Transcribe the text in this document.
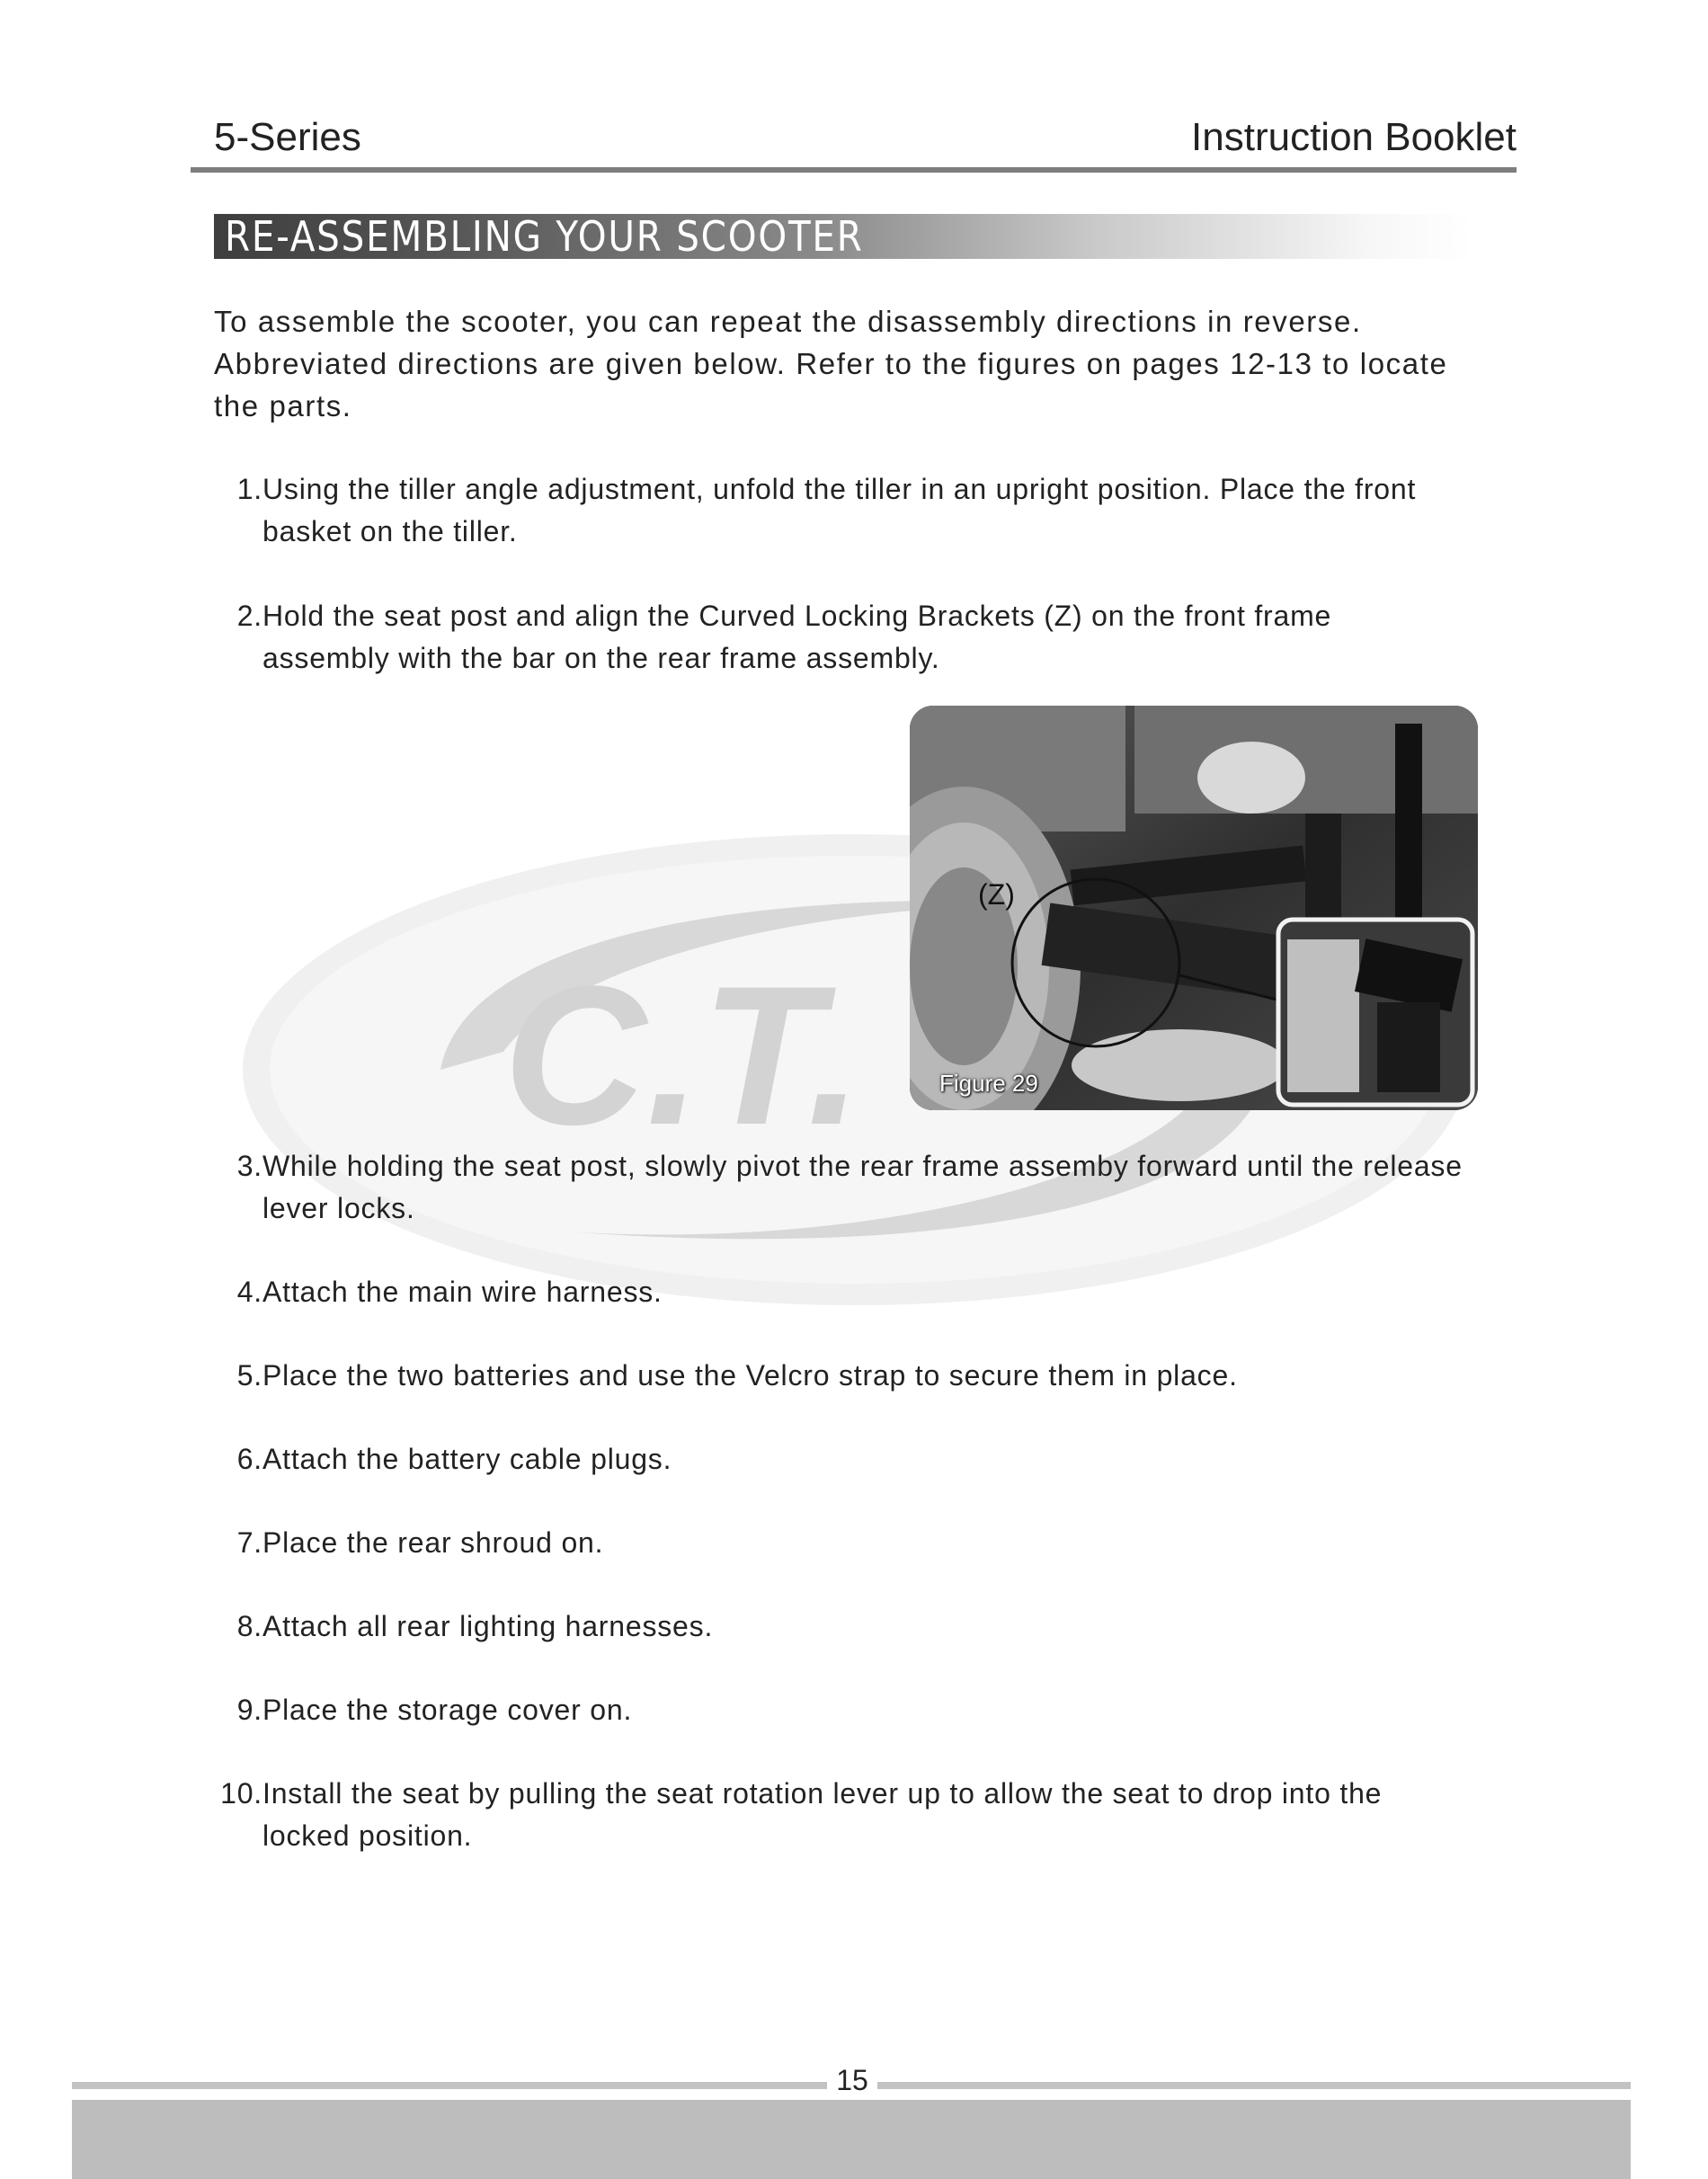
5-Series	Instruction Booklet
RE-ASSEMBLING YOUR SCOOTER
C.T.
To assemble the scooter, you can repeat the disassembly directions in reverse. Abbreviated directions are given below. Refer to the figures on pages 12-13 to locate the parts.
1.Using the tiller angle adjustment, unfold the tiller in an upright position. Place the front
basket on the tiller.
2.Hold the seat post and align the Curved Locking Brackets (Z) on the front frame
assembly with the bar on the rear frame assembly.
(Z)
Figure 29
3.While holding the seat post, slowly pivot the rear frame assemby forward until the release
lever locks.
4.Attach the main wire harness.
5.Place the two batteries and use the Velcro strap to secure them in place.
6.Attach the battery cable plugs.
7.Place the rear shroud on.
8.Attach all rear lighting harnesses.
9.Place the storage cover on.
10.Install the seat by pulling the seat rotation lever up to allow the seat to drop into the
locked position.
15
